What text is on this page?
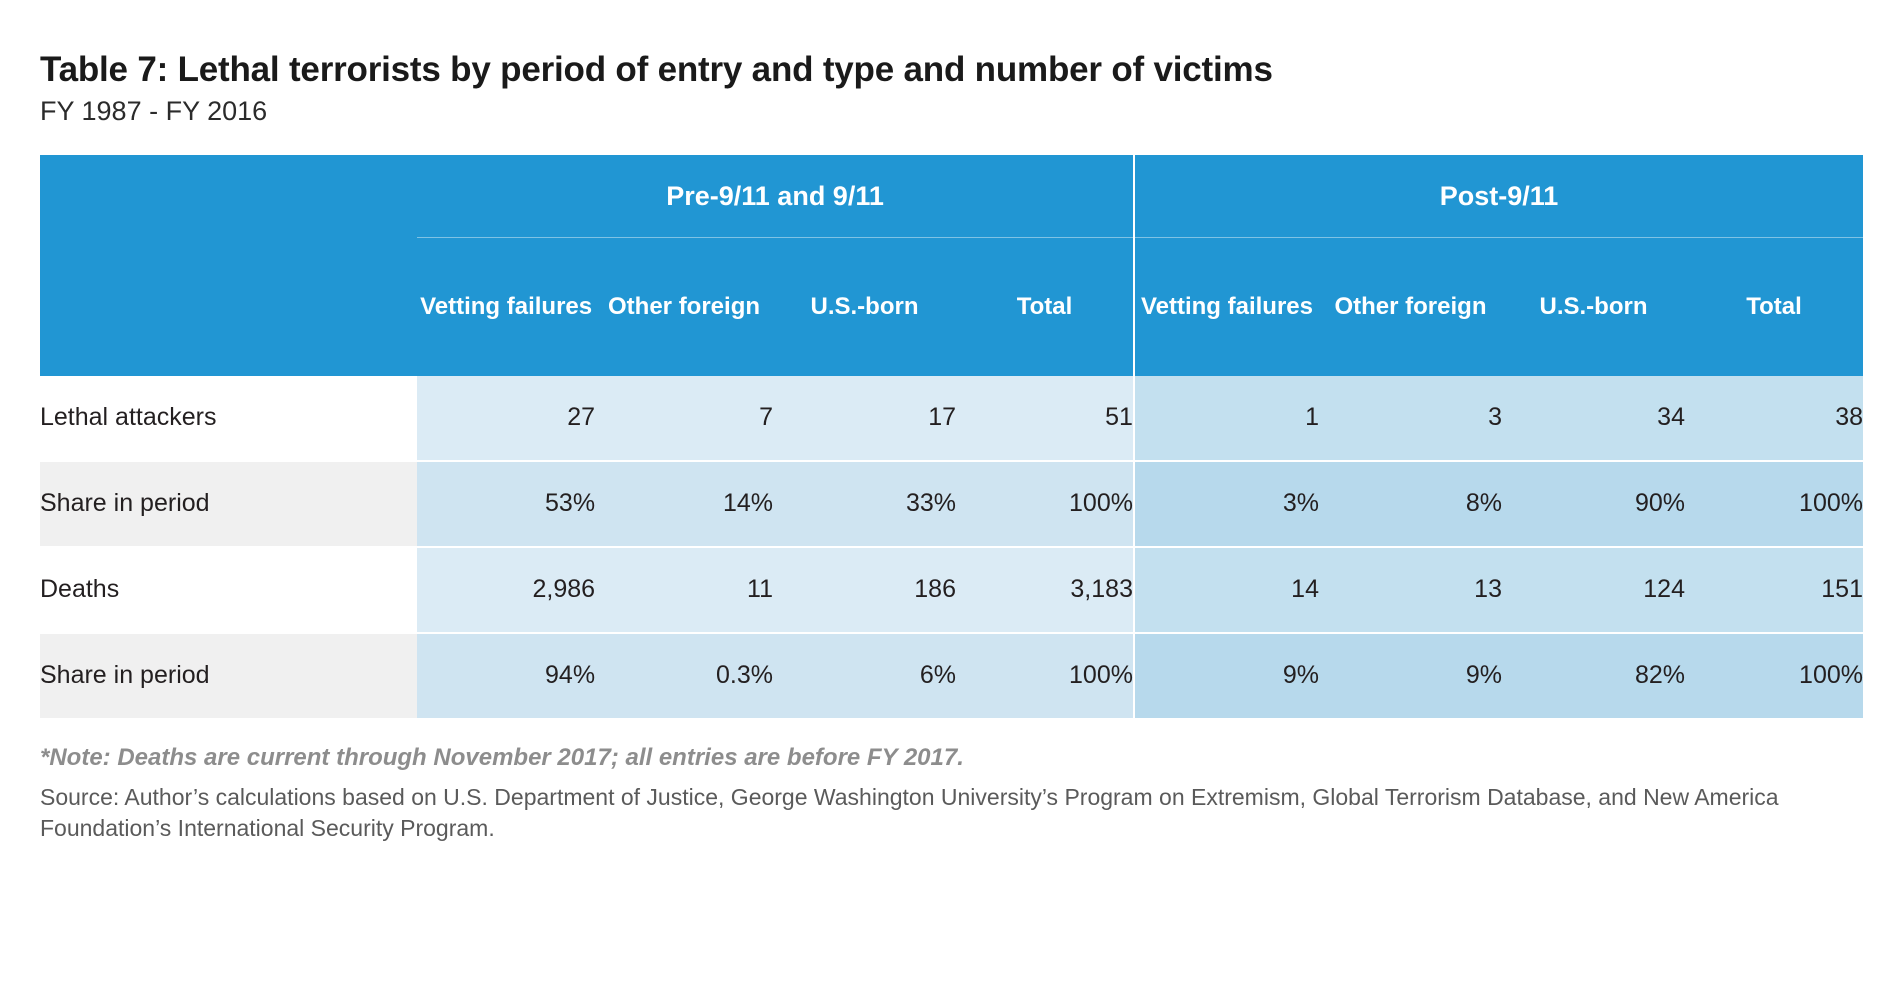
Table 7: Lethal terrorists by period of entry and type and number of victims
FY 1987 - FY 2016
	Pre-9/11 and 9/11				Post-9/11			
	Vetting failures	Other foreign	U.S.-born	Total	Vetting failures	Other foreign	U.S.-born	Total
Lethal attackers	27	7	17	51	1	3	34	38
Share in period	53%	14%	33%	100%	3%	8%	90%	100%
Deaths	2,986	11	186	3,183	14	13	124	151
Share in period	94%	0.3%	6%	100%	9%	9%	82%	100%
*Note: Deaths are current through November 2017; all entries are before FY 2017.
Source: Author’s calculations based on U.S. Department of Justice, George Washington University’s Program on Extremism, Global Terrorism Database, and New America Foundation’s International Security Program.
